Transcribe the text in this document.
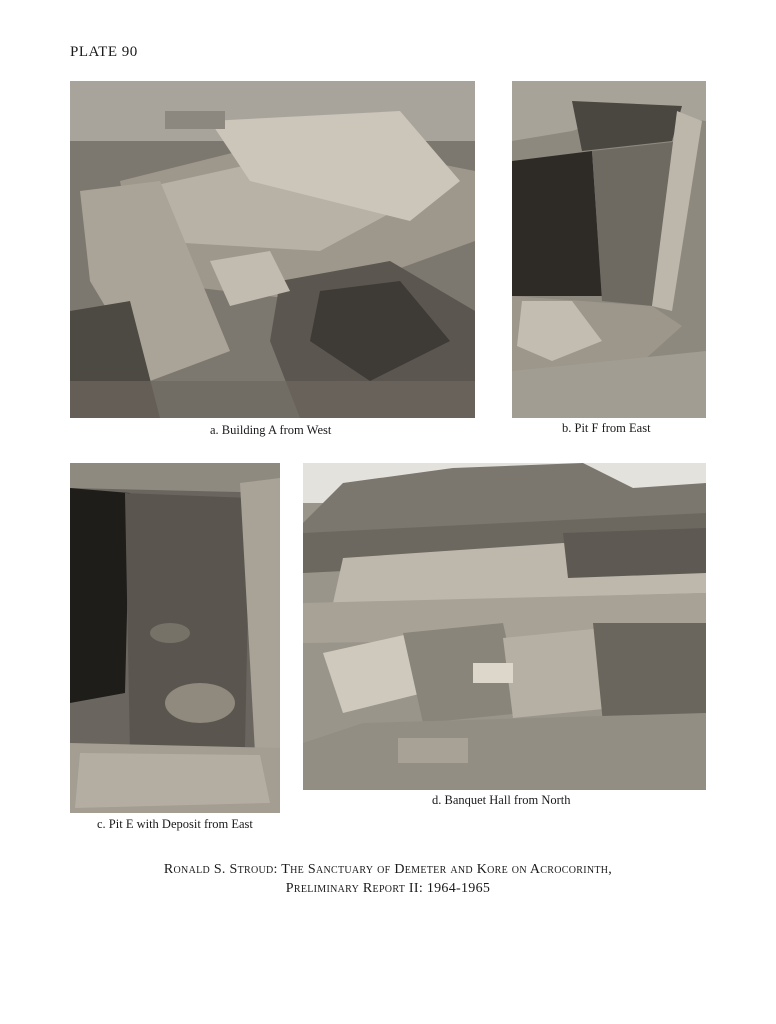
PLATE 90
a. Building A from West	b. Pit F from East
c. Pit E with Deposit from East
d. Banquet Hall from North
Ronald S. Stroud: The Sanctuary of Demeter and Kore on Acrocorinth,
Preliminary Report II: 1964-1965
